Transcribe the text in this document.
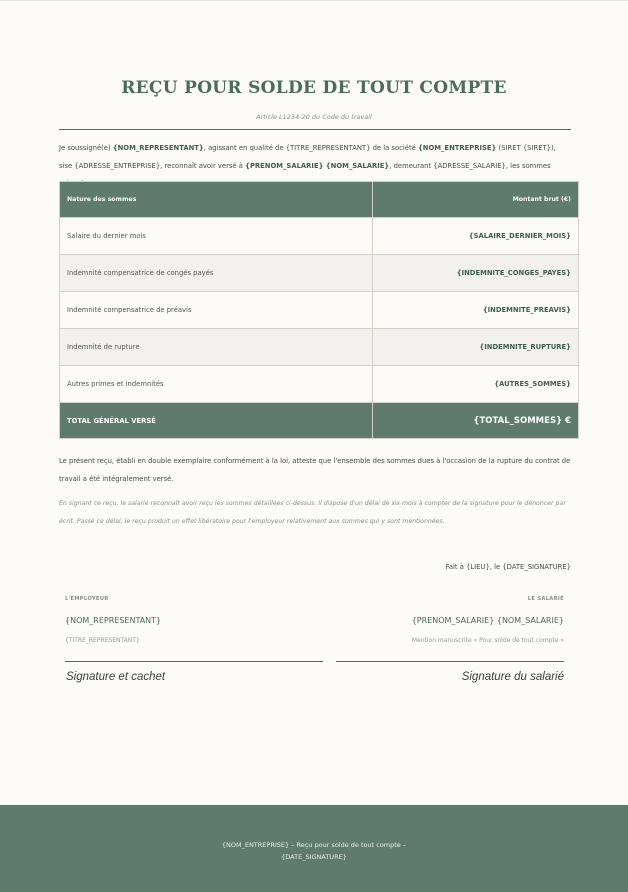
REÇU POUR SOLDE DE TOUT COMPTE
Article L1234-20 du Code du travail
Je soussigné(e) {NOM_REPRESENTANT}, agissant en qualité de {TITRE_REPRESENTANT} de la société {NOM_ENTREPRISE} (SIRET {SIRET}), sise {ADRESSE_ENTREPRISE}, reconnaît avoir versé à {PRENOM_SALARIE} {NOM_SALARIE}, demeurant {ADRESSE_SALARIE}, les sommes
Nature des sommes	Montant brut (€)
Salaire du dernier mois	{SALAIRE_DERNIER_MOIS}
Indemnité compensatrice de congés payés	{INDEMNITE_CONGES_PAYES}
Indemnité compensatrice de préavis	{INDEMNITE_PREAVIS}
Indemnité de rupture	{INDEMNITE_RUPTURE}
Autres primes et indemnités	{AUTRES_SOMMES}
TOTAL GÉNÉRAL VERSÉ	{TOTAL_SOMMES} €
Le présent reçu, établi en double exemplaire conformément à la loi, atteste que l'ensemble des sommes dues à l'occasion de la rupture du contrat de travail a été intégralement versé.
En signant ce reçu, le salarié reconnaît avoir reçu les sommes détaillées ci-dessus. Il dispose d'un délai de six mois à compter de la signature pour le dénoncer par écrit. Passé ce délai, le reçu produit un effet libératoire pour l'employeur relativement aux sommes qui y sont mentionnées.
Fait à {LIEU}, le {DATE_SIGNATURE}
L'EMPLOYEUR
{NOM_REPRESENTANT}
{TITRE_REPRESENTANT}
LE SALARIÉ
{PRENOM_SALARIE} {NOM_SALARIE}
Mention manuscrite « Pour solde de tout compte »
Signature et cachet	Signature du salarié
{NOM_ENTREPRISE} – Reçu pour solde de tout compte –
{DATE_SIGNATURE}
